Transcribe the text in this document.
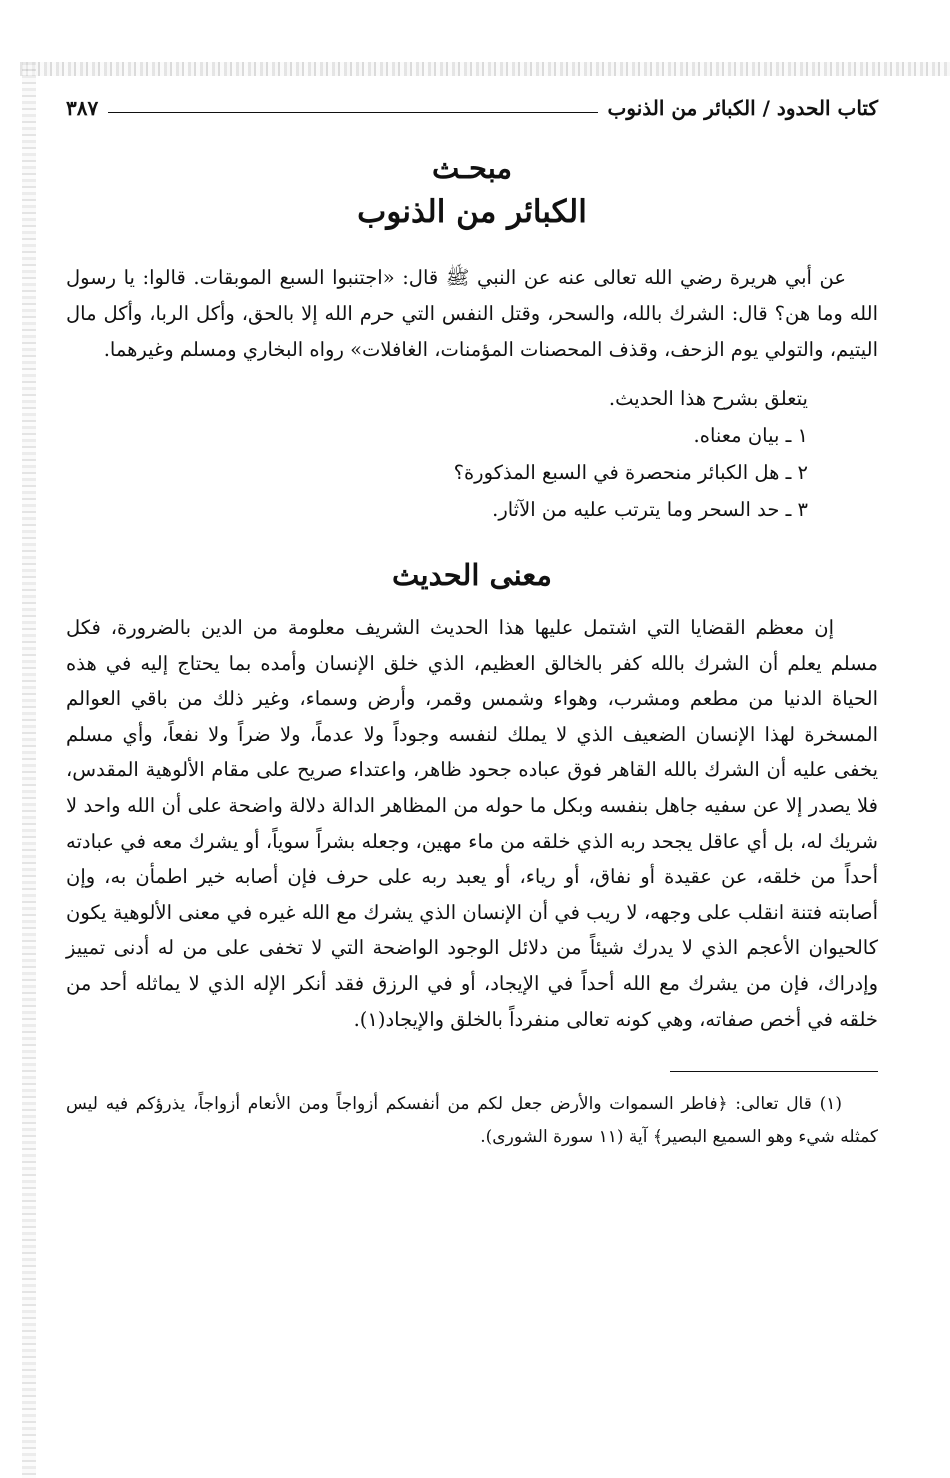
كتاب الحدود / الكبائر من الذنوب
٣٨٧
مبحـث
الكبائر من الذنوب

عن أبي هريرة رضي الله تعالى عنه عن النبي ﷺ قال: «اجتنبوا السبع الموبقات. قالوا: يا رسول الله وما هن؟ قال: الشرك بالله، والسحر، وقتل النفس التي حرم الله إلا بالحق، وأكل الربا، وأكل مال اليتيم، والتولي يوم الزحف، وقذف المحصنات المؤمنات، الغافلات» رواه البخاري ومسلم وغيرهما.

يتعلق بشرح هذا الحديث.
١ ـ بيان معناه.
٢ ـ هل الكبائر منحصرة في السبع المذكورة؟
٣ ـ حد السحر وما يترتب عليه من الآثار.
معنى الحديث

إن معظم القضايا التي اشتمل عليها هذا الحديث الشريف معلومة من الدين بالضرورة، فكل مسلم يعلم أن الشرك بالله كفر بالخالق العظيم، الذي خلق الإنسان وأمده بما يحتاج إليه في هذه الحياة الدنيا من مطعم ومشرب، وهواء وشمس وقمر، وأرض وسماء، وغير ذلك من باقي العوالم المسخرة لهذا الإنسان الضعيف الذي لا يملك لنفسه وجوداً ولا عدماً، ولا ضراً ولا نفعاً، وأي مسلم يخفى عليه أن الشرك بالله القاهر فوق عباده جحود ظاهر، واعتداء صريح على مقام الألوهية المقدس، فلا يصدر إلا عن سفيه جاهل بنفسه وبكل ما حوله من المظاهر الدالة دلالة واضحة على أن الله واحد لا شريك له، بل أي عاقل يجحد ربه الذي خلقه من ماء مهين، وجعله بشراً سوياً، أو يشرك معه في عبادته أحداً من خلقه، عن عقيدة أو نفاق، أو رياء، أو يعبد ربه على حرف فإن أصابه خير اطمأن به، وإن أصابته فتنة انقلب على وجهه، لا ريب في أن الإنسان الذي يشرك مع الله غيره في معنى الألوهية يكون كالحيوان الأعجم الذي لا يدرك شيئاً من دلائل الوجود الواضحة التي لا تخفى على من له أدنى تمييز وإدراك، فإن من يشرك مع الله أحداً في الإيجاد، أو في الرزق فقد أنكر الإله الذي لا يماثله أحد من خلقه في أخص صفاته، وهي كونه تعالى منفرداً بالخلق والإيجاد(١).

(١) قال تعالى: ﴿فاطر السموات والأرض جعل لكم من أنفسكم أزواجاً ومن الأنعام أزواجاً، يذرؤكم فيه ليس كمثله شيء وهو السميع البصير﴾ آية (١١ سورة الشورى).
